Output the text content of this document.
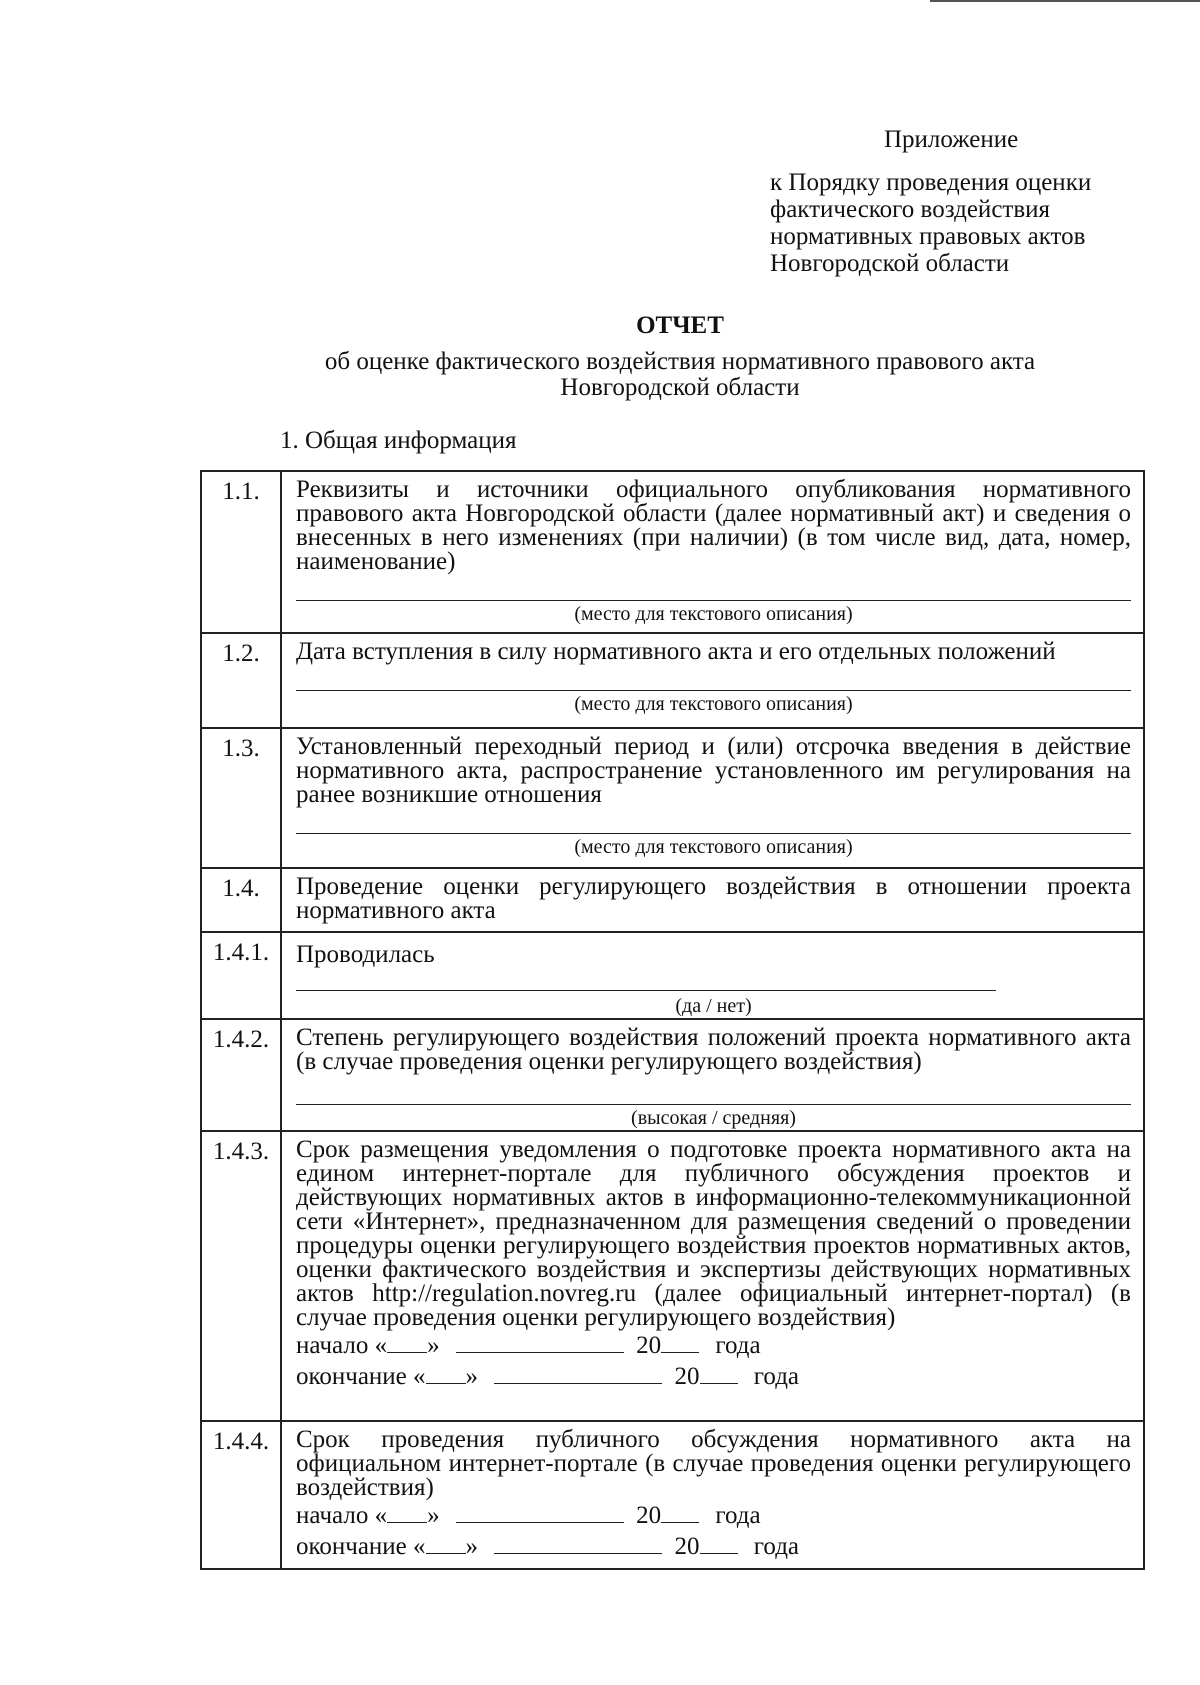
Приложение
к Порядку проведения оценки
фактического воздействия
нормативных правовых актов
Новгородской области
ОТЧЕТ
об оценке фактического воздействия нормативного правового акта
Новгородской области
1. Общая информация
1.1.	Реквизиты и источники официального опубликования нормативного правового акта Новгородской области (далее нормативный акт) и сведения о внесенных в него изменениях (при наличии) (в том числе вид, дата, номер, наименование)
(место для текстового описания)

1.2.	Дата вступления в силу нормативного акта и его отдельных положений
(место для текстового описания)

1.3.	Установленный переходный период и (или) отсрочка введения в действие нормативного акта, распространение установленного им регулирования на ранее возникшие отношения
(место для текстового описания)

1.4.	Проведение оценки регулирующего воздействия в отношении проекта нормативного акта

1.4.1.	Проводилась
(да / нет)

1.4.2.	Степень регулирующего воздействия положений проекта нормативного акта (в случае проведения оценки регулирующего воздействия)
(высокая / средняя)

1.4.3.	Срок размещения уведомления о подготовке проекта нормативного акта на едином интернет-портале для публичного обсуждения проектов и действующих нормативных актов в информационно-телекоммуникационной сети «Интернет», предназначенном для размещения сведений о проведении процедуры оценки регулирующего воздействия проектов нормативных актов, оценки фактического воздействия и экспертизы действующих нормативных актов http://regulation.novreg.ru (далее официальный интернет-портал) (в случае проведения оценки регулирующего воздействия)
начало « » 20 года
окончание « » 20 года

1.4.4.	Срок проведения публичного обсуждения нормативного акта на официальном интернет-портале (в случае проведения оценки регулирующего воздействия)
начало « » 20 года
окончание « » 20 года
